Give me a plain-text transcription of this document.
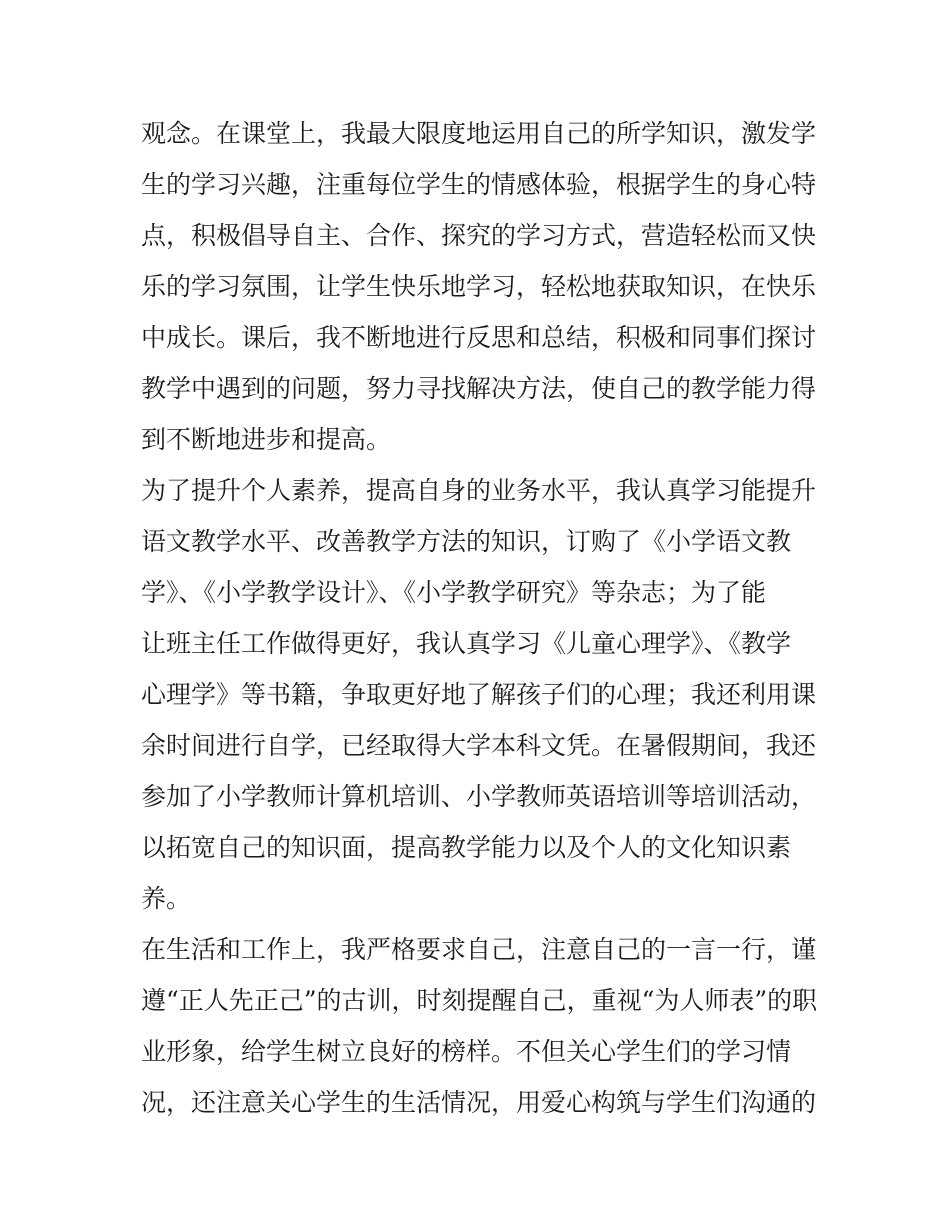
观念。在课堂上，我最大限度地运用自己的所学知识，激发学
生的学习兴趣，注重每位学生的情感体验，根据学生的身心特
点，积极倡导自主、合作、探究的学习方式，营造轻松而又快
乐的学习氛围，让学生快乐地学习，轻松地获取知识，在快乐
中成长。课后，我不断地进行反思和总结，积极和同事们探讨
教学中遇到的问题，努力寻找解决方法，使自己的教学能力得
到不断地进步和提高。
为了提升个人素养，提高自身的业务水平，我认真学习能提升
语文教学水平、改善教学方法的知识，订购了《小学语文教
学》、《小学教学设计》、《小学教学研究》等杂志；为了能
让班主任工作做得更好，我认真学习《儿童心理学》、《教学
心理学》等书籍，争取更好地了解孩子们的心理；我还利用课
余时间进行自学，已经取得大学本科文凭。在暑假期间，我还
参加了小学教师计算机培训、小学教师英语培训等培训活动，
以拓宽自己的知识面，提高教学能力以及个人的文化知识素
养。
在生活和工作上，我严格要求自己，注意自己的一言一行，谨
遵“正人先正己”的古训，时刻提醒自己，重视“为人师表”的职
业形象，给学生树立良好的榜样。不但关心学生们的学习情
况，还注意关心学生的生活情况，用爱心构筑与学生们沟通的
